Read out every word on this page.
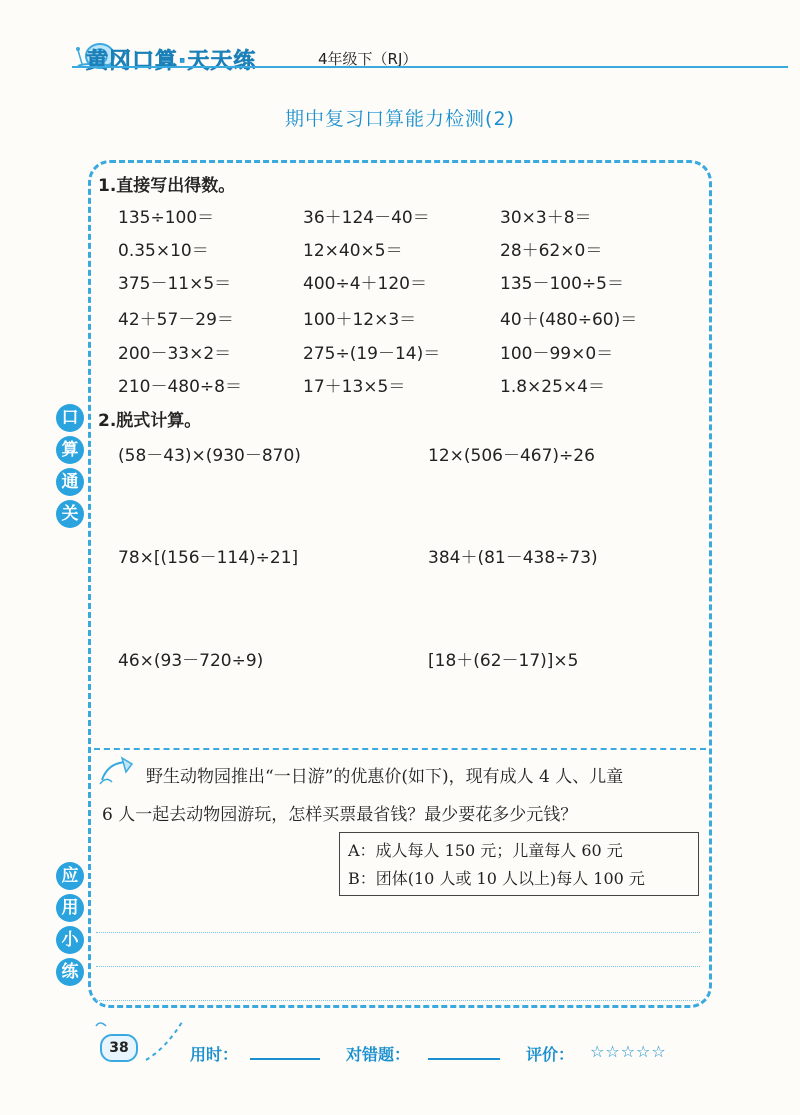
黄冈口算·天天练	4年级下（RJ）
期中复习口算能力检测(2)
口
算
通
关
应
用
小
练
1.直接写出得数。
135÷100＝	36＋124－40＝	30×3＋8＝
0.35×10＝	12×40×5＝	28＋62×0＝
375－11×5＝	400÷4＋120＝	135－100÷5＝
42＋57－29＝	100＋12×3＝	40＋(480÷60)＝
200－33×2＝	275÷(19－14)＝	100－99×0＝
210－480÷8＝	17＋13×5＝	1.8×25×4＝
2.脱式计算。
(58－43)×(930－870)	12×(506－467)÷26
78×[(156－114)÷21]	384＋(81－438÷73)
46×(93－720÷9)	[18＋(62－17)]×5
野生动物园推出“一日游”的优惠价(如下)，现有成人 4 人、儿童
6 人一起去动物园游玩，怎样买票最省钱？最少要花多少元钱？
A：成人每人 150 元；儿童每人 60 元
B：团体(10 人或 10 人以上)每人 100 元
38	用时：	对错题：	评价： ☆☆☆☆☆
